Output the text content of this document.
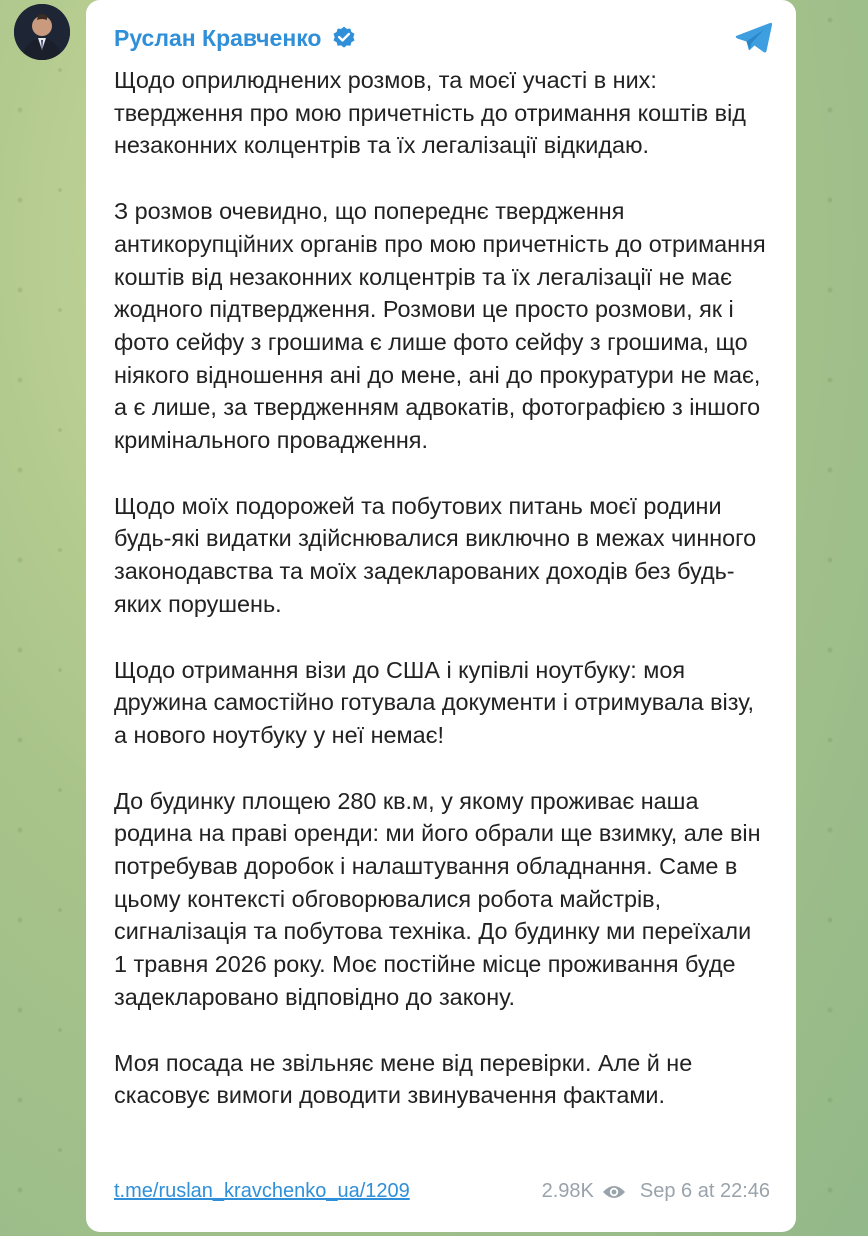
Руслан Кравченко

Щодо оприлюднених розмов, та моєї участі в них: твердження про мою причетність до отримання коштів від незаконних колцентрів та їх легалізації відкидаю.

З розмов очевидно, що попереднє твердження антикорупційних органів про мою причетність до отримання коштів від незаконних колцентрів та їх легалізації не має жодного підтвердження. Розмови це просто розмови, як і фото сейфу з грошима є лише фото сейфу з грошима, що ніякого відношення ані до мене, ані до прокуратури не має, а є лише, за твердженням адвокатів, фотографією з іншого кримінального провадження.

Щодо моїх подорожей та побутових питань моєї родини будь-які видатки здійснювалися виключно в межах чинного законодавства та моїх задекларованих доходів без будь-яких порушень.

Щодо отримання візи до США і купівлі ноутбуку: моя дружина самостійно готувала документи і отримувала візу, а нового ноутбуку у неї немає!

До будинку площею 280 кв.м, у якому проживає наша родина на праві оренди: ми його обрали ще взимку, але він потребував доробок і налаштування обладнання. Саме в цьому контексті обговорювалися робота майстрів, сигналізація та побутова техніка. До будинку ми переїхали 1 травня 2026 року. Моє постійне місце проживання буде задекларовано відповідно до закону.

Моя посада не звільняє мене від перевірки. Але й не скасовує вимоги доводити звинувачення фактами.

t.me/ruslan_kravchenko_ua/1209	2.98K Sep 6 at 22:46
